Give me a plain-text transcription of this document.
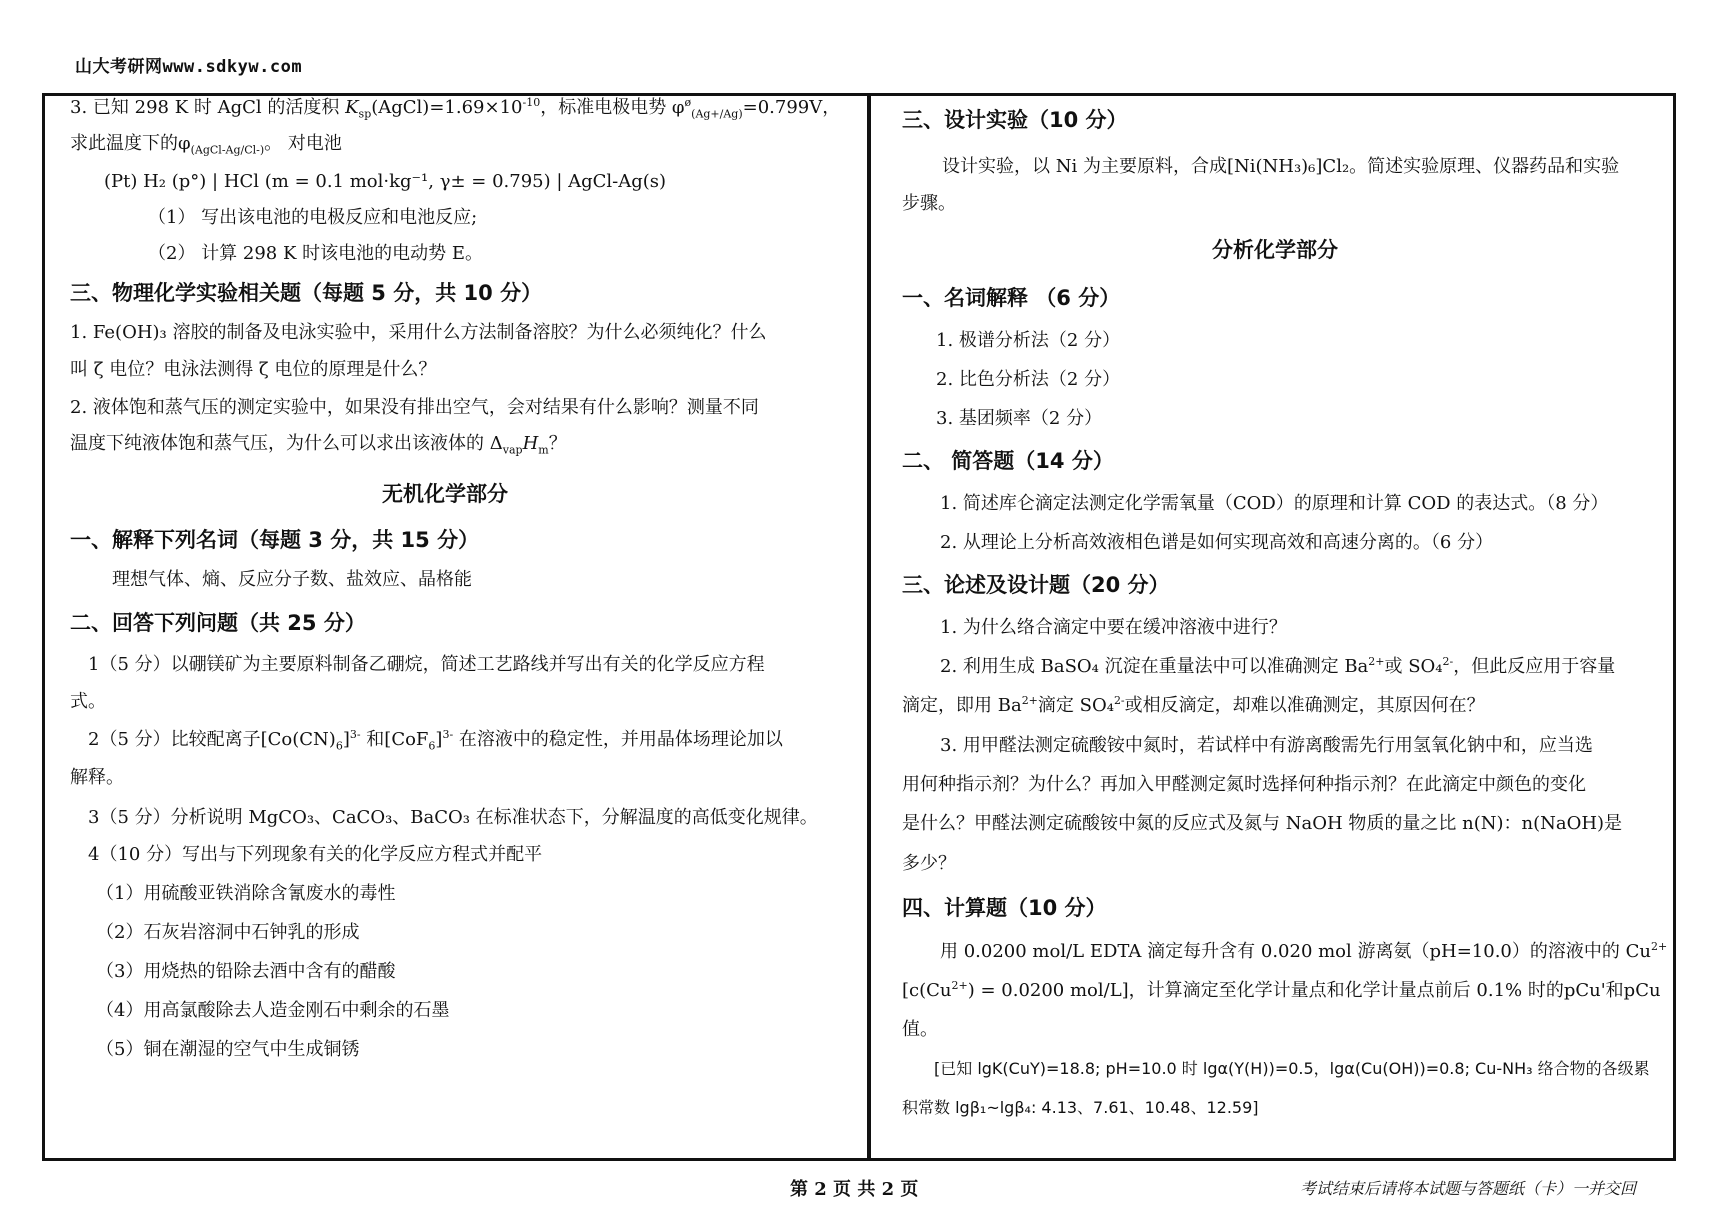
山大考研网www.sdkyw.com
3. 已知 298 K 时 AgCl 的活度积 $K_{sp}(AgCl)=1.69\times 10^{-10}$，标准电极电势 $\varphi^ø_{(Ag+/Ag)}=0.799V$，
求此温度下的$\varphi_{(AgCl-Ag/Cl-)}$。 对电池
(Pt) H₂ (p°) | HCl (m = 0.1 mol·kg⁻¹, γ± = 0.795) | AgCl-Ag(s)
（1） 写出该电池的电极反应和电池反应;
（2） 计算 298 K 时该电池的电动势 E。
三、物理化学实验相关题（每题 5 分，共 10 分）
1. Fe(OH)₃ 溶胶的制备及电泳实验中，采用什么方法制备溶胶？为什么必须纯化？什么
叫 ζ 电位？电泳法测得 ζ 电位的原理是什么？
2. 液体饱和蒸气压的测定实验中，如果没有排出空气，会对结果有什么影响？测量不同
温度下纯液体饱和蒸气压，为什么可以求出该液体的 $\Delta_{vap}H_m$？
无机化学部分
一、解释下列名词（每题 3 分，共 15 分）
理想气体、熵、反应分子数、盐效应、晶格能
二、回答下列问题（共 25 分）
1（5 分）以硼镁矿为主要原料制备乙硼烷，简述工艺路线并写出有关的化学反应方程
式。
2（5 分）比较配离子$[Co(CN)_6]^{3-}$ 和$[CoF_6]^{3-}$ 在溶液中的稳定性，并用晶体场理论加以
解释。
3（5 分）分析说明 MgCO₃、CaCO₃、BaCO₃ 在标准状态下，分解温度的高低变化规律。
4（10 分）写出与下列现象有关的化学反应方程式并配平
（1）用硫酸亚铁消除含氰废水的毒性
（2）石灰岩溶洞中石钟乳的形成
（3）用烧热的铅除去酒中含有的醋酸
（4）用高氯酸除去人造金刚石中剩余的石墨
（5）铜在潮湿的空气中生成铜锈
三、设计实验（10 分）
设计实验，以 Ni 为主要原料，合成[Ni(NH₃)₆]Cl₂。简述实验原理、仪器药品和实验
步骤。
分析化学部分
一、名词解释 （6 分）
1. 极谱分析法（2 分）
2. 比色分析法（2 分）
3. 基团频率（2 分）
二、 简答题（14 分）
1. 简述库仑滴定法测定化学需氧量（COD）的原理和计算 COD 的表达式。（8 分）
2. 从理论上分析高效液相色谱是如何实现高效和高速分离的。（6 分）
三、论述及设计题（20 分）
1. 为什么络合滴定中要在缓冲溶液中进行？
2. 利用生成 BaSO₄ 沉淀在重量法中可以准确测定 $Ba^{2+}$或 SO₄$^{2-}$，但此反应用于容量
滴定，即用 $Ba^{2+}$滴定 SO₄$^{2-}$或相反滴定，却难以准确测定，其原因何在？
3. 用甲醛法测定硫酸铵中氮时，若试样中有游离酸需先行用氢氧化钠中和，应当选
用何种指示剂？为什么？再加入甲醛测定氮时选择何种指示剂？在此滴定中颜色的变化
是什么？甲醛法测定硫酸铵中氮的反应式及氮与 NaOH 物质的量之比 n(N)：n(NaOH)是
多少？
四、计算题（10 分）
用 0.0200 mol/L EDTA 滴定每升含有 0.020 mol 游离氨（pH=10.0）的溶液中的 $Cu^{2+}$
[$c(Cu^{2+}) = 0.0200$ mol/L]，计算滴定至化学计量点和化学计量点前后 0.1% 时的pCu'和pCu
值。
[已知 lgK(CuY)=18.8; pH=10.0 时 lgα(Y(H))=0.5，lgα(Cu(OH))=0.8; Cu-NH₃ 络合物的各级累
积常数 lgβ₁~lgβ₄: 4.13、7.61、10.48、12.59]
第 2 页 共 2 页	考试结束后请将本试题与答题纸（卡）一并交回
